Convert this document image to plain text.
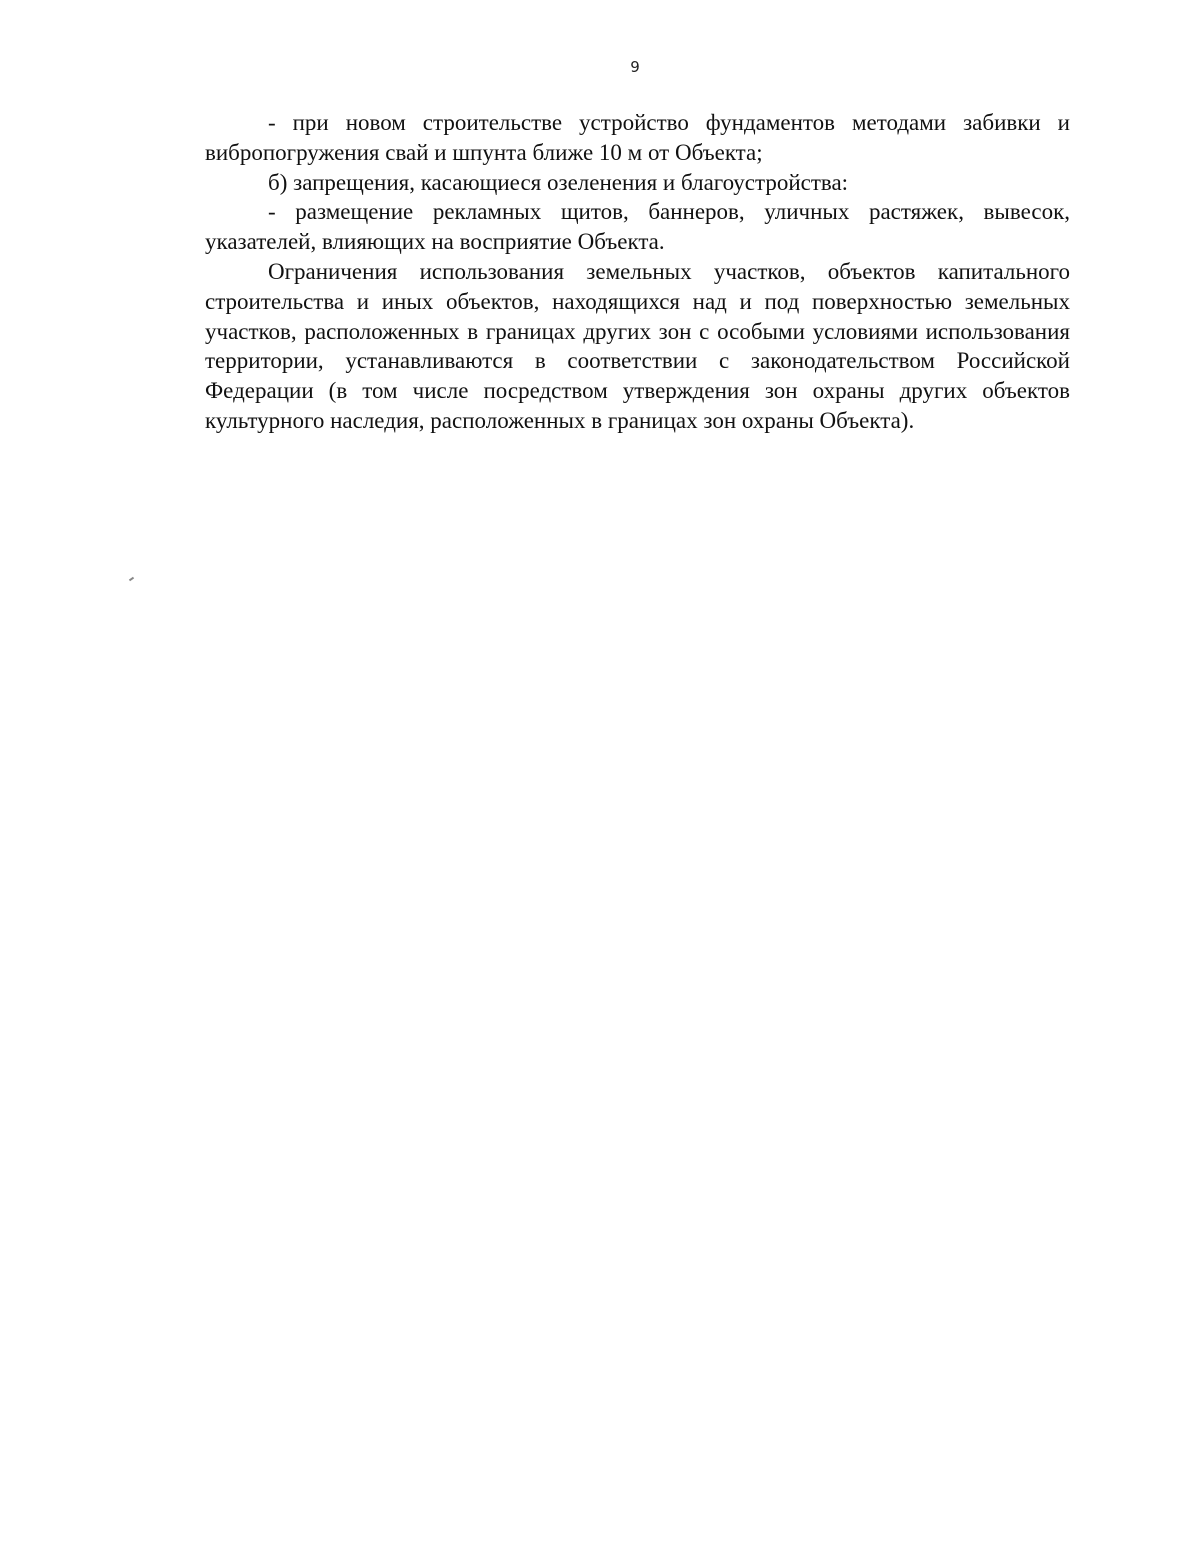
9

- при новом строительстве устройство фундаментов методами забивки и вибропогружения свай и шпунта ближе 10 м от Объекта;

б) запрещения, касающиеся озеленения и благоустройства:

- размещение рекламных щитов, баннеров, уличных растяжек, вывесок, указателей, влияющих на восприятие Объекта.

Ограничения использования земельных участков, объектов капитального строительства и иных объектов, находящихся над и под поверхностью земельных участков, расположенных в границах других зон с особыми условиями использования территории, устанавливаются в соответствии с законодательством Российской Федерации (в том числе посредством утверждения зон охраны других объектов культурного наследия, расположенных в границах зон охраны Объекта).
